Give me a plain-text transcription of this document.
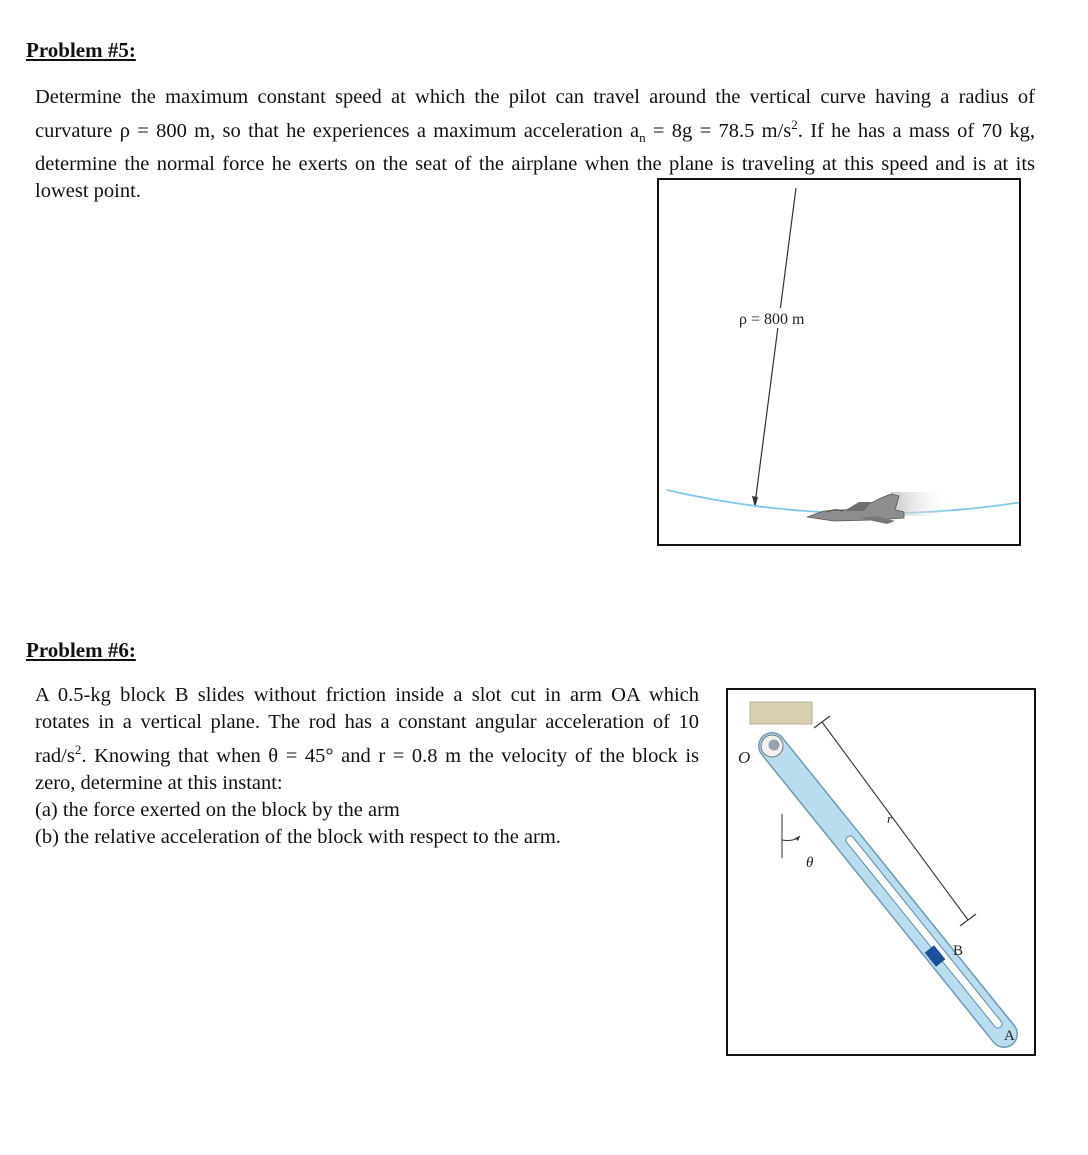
Problem #5:

Determine the maximum constant speed at which the pilot can travel around the vertical curve having a radius of curvature ρ = 800 m, so that he experiences a maximum acceleration $a_n = 8g = 78.5$ $m/s^2$. If he has a mass of 70 kg, determine the normal force he exerts on the seat of the airplane when the plane is traveling at this speed and is at its lowest point.

ρ = 800 m
Problem #6:

A 0.5-kg block B slides without friction inside a slot cut in arm OA which rotates in a vertical plane. The rod has a constant angular acceleration of 10 rad/$s^2$. Knowing that when θ = 45° and r = 0.8 m the velocity of the block is zero, determine at this instant:

(a) the force exerted on the block by the arm

(b) the relative acceleration of the block with respect to the arm.

r
θ
O
B
A
